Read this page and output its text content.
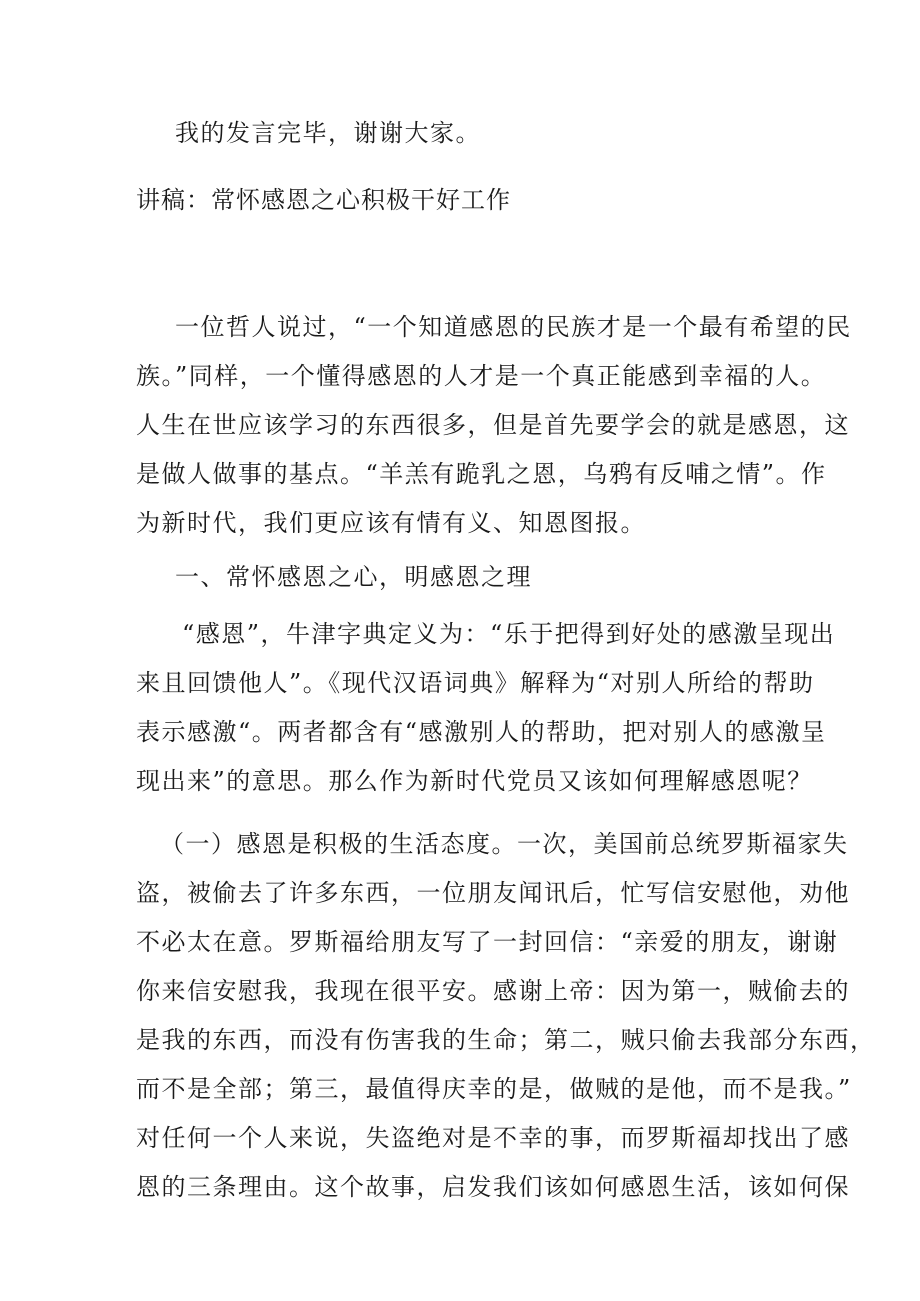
我的发言完毕，谢谢大家。
讲稿：常怀感恩之心积极干好工作
一位哲人说过，“一个知道感恩的民族才是一个最有希望的民
族。”同样，一个懂得感恩的人才是一个真正能感到幸福的人。
人生在世应该学习的东西很多，但是首先要学会的就是感恩，这
是做人做事的基点。“羊羔有跪乳之恩，乌鸦有反哺之情”。作
为新时代，我们更应该有情有义、知恩图报。
一、常怀感恩之心，明感恩之理
“感恩”，牛津字典定义为：“乐于把得到好处的感激呈现出
来且回馈他人”。《现代汉语词典》解释为“对别人所给的帮助
表示感激“。两者都含有“感激别人的帮助，把对别人的感激呈
现出来”的意思。那么作为新时代党员又该如何理解感恩呢？
（一）感恩是积极的生活态度。一次，美国前总统罗斯福家失
盗，被偷去了许多东西，一位朋友闻讯后，忙写信安慰他，劝他
不必太在意。罗斯福给朋友写了一封回信：“亲爱的朋友，谢谢
你来信安慰我，我现在很平安。感谢上帝：因为第一，贼偷去的
是我的东西，而没有伤害我的生命；第二，贼只偷去我部分东西，
而不是全部；第三，最值得庆幸的是，做贼的是他，而不是我。”
对任何一个人来说，失盗绝对是不幸的事，而罗斯福却找出了感
恩的三条理由。这个故事，启发我们该如何感恩生活，该如何保
